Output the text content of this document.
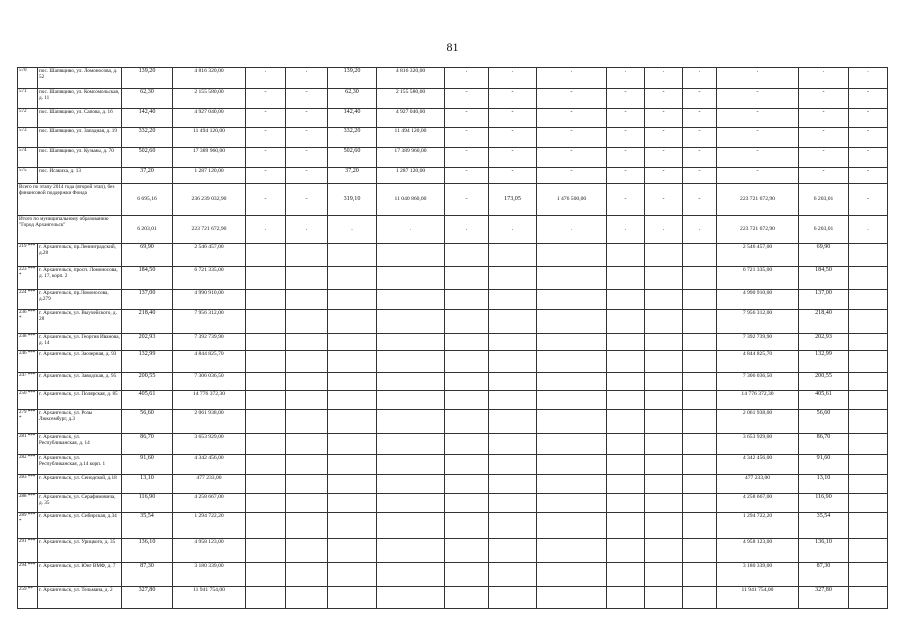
81
570	пос. Шапящиво, ул. Ломоносова, д. 52	139,20	4 816 320,00	.	.	139,20	4 816 320,00	.	.	.	.	.	.	.	.	.
571	пос. Шапящиво, ул. Комсомольская, д. 11	62,30	2 155 580,00	-	-	62,30	2 155 580,00	-	-	-	-	-	-	-	-	-
572	пос. Шапящиво, ул. Сапова, д. 16	142,40	4 927 040,00	-	-	142,40	4 927 040,00	-	-	-	-	-	-	-	-	-
573	пос. Шапящиво, ул. Западная, д. 19	332,20	11 494 120,00	-	-	332,20	11 494 120,00	-	-	-	-	-	-	-	-	-
574	пос. Шапящиво, ул. Кузьмы, д. 70	502,60	17 389 960,00	-	-	502,60	17 389 960,00	-	-	-	-	-	-	-	-	-
575	пос. Исакиха, д. 13	37,20	1 287 120,00	-	-	37,20	1 287 120,00	-	-	-	-	-	-	-	-	-
Всего по этапу 2014 года (второй этап), без финансовой поддержки Фонда		6 695,16	236 239 032,90	-	-	319,10	11 040 860,00	-	173,05	1 476 500,00	-	-	-	223 721 672,90	6 203,01	-
Итого по муниципальному образованию "Город Архангельск"		6 203,01	223 721 672,90	.	.	.	.	.	.	.	.	.	.	223 721 672,90	6 203,01	.
219 ***	г. Архангельск, пр.Ленинградский, д.28	69,90	2 546 457,00											2 546 457,00	69,90	
223 *** *	г. Архангельск, просп. Ломоносова, д. 17, корп. 2	184,50	6 721 335,00											6 721 335,00	184,50	
224 ***	г. Архангельск, пр.Ломоносова, д.279	137,00	4 990 910,00											4 990 910,00	137,00	
236 *** *	г. Архангельск, ул. Выучейского, д. 28	218,40	7 956 312,00											7 956 312,00	218,40	
238 ***	г. Архангельск, ул. Георгия Иванова, д. 14	202,93	7 392 739,90											7 392 739,90	202,93	
246 ***	г. Архангельск, ул. Заозерная, д. 93	132,99	4 844 825,70											4 844 825,70	132,99	
247 ***	г. Архангельск, ул. Заводская, д. 95	200,55	7 306 036,50											7 306 036,50	200,55	
250 ***	г. Архангельск, ул. Полярская, д. 85	405,61	14 776 372,30											14 776 372,30	405,61	
279 *** *	г. Архангельск, ул. Розы Люксембург, д.3	56,60	2 061 938,00											2 061 938,00	56,60	
281 ***	г. Архангельск, ул. Республиканская, д. 14	86,70	3 653 929,00											3 653 929,00	86,70	
282 ***	г. Архангельск, ул. Республиканская, д.14 корп. 1	91,60	4 342 456,00											4 342 456,00	91,60	
283 ***	г. Архангельск, ул. Сенодской, д.18	13,10	477 233,00											477 233,00	13,10	
288 ***	г. Архангельск, ул. Серафимовича, д. 35	116,90	4 258 667,00											4 258 667,00	116,90	
289 *** *	г. Архангельск, ул. Сибирская, д.34	35,54	1 294 722,20											1 294 722,20	35,54	
291 ***	г. Архангельск, ул. Урицкого, д. 35	136,10	4 958 123,00											4 958 123,00	136,10	
294 ***	г. Архангельск, ул. Юнг ВМФ, д. 7	87,30	3 180 339,00											3 180 339,00	87,30	
259 **	г. Архангельск, ул. Тельмана, д. 2	327,80	11 941 754,00											11 941 754,00	327,80	
